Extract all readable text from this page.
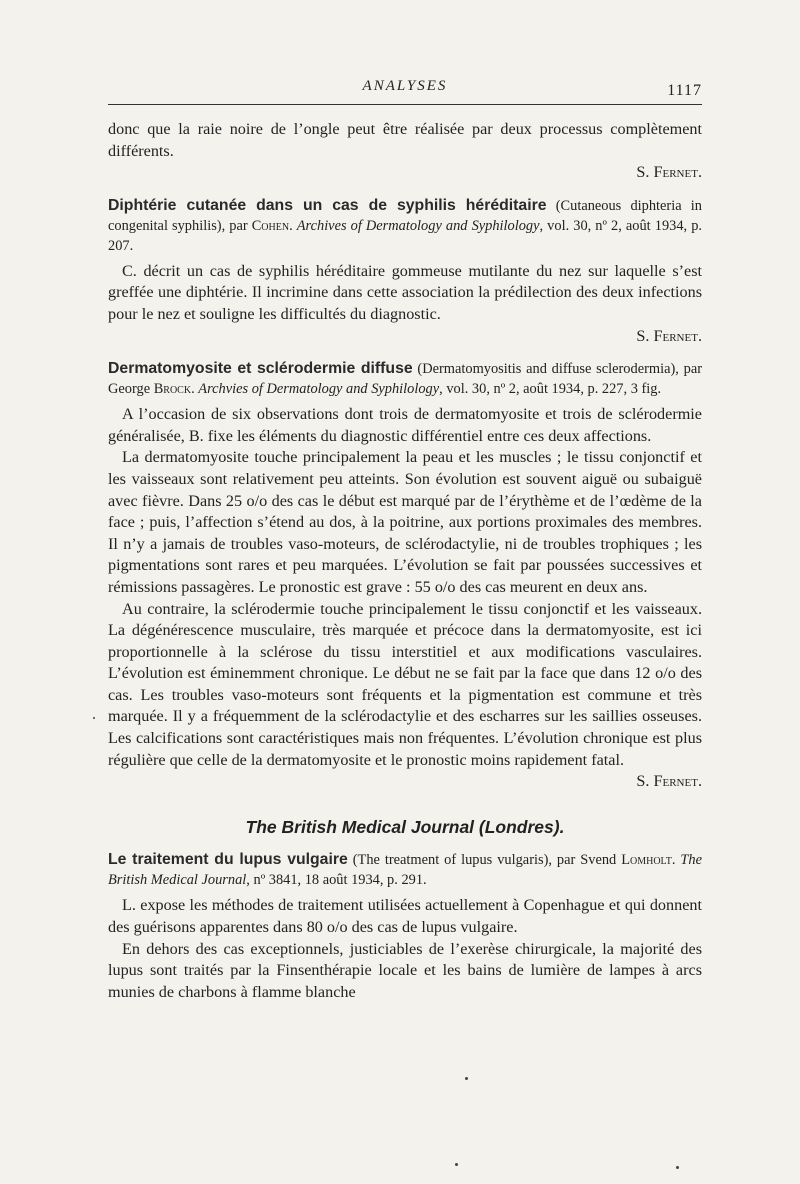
ANALYSES	1117

donc que la raie noire de l’ongle peut être réalisée par deux processus complètement différents.
S. Fernet.

Diphtérie cutanée dans un cas de syphilis héréditaire (Cutaneous diphteria in congenital syphilis), par Cohen. Archives of Dermatology and Syphilology, vol. 30, nº 2, août 1934, p. 207.

C. décrit un cas de syphilis héréditaire gommeuse mutilante du nez sur laquelle s’est greffée une diphtérie. Il incrimine dans cette association la prédilection des deux infections pour le nez et souligne les difficultés du diagnostic.
S. Fernet.

Dermatomyosite et sclérodermie diffuse (Dermatomyositis and diffuse sclerodermia), par George Brock. Archvies of Dermatology and Syphilology, vol. 30, nº 2, août 1934, p. 227, 3 fig.

A l’occasion de six observations dont trois de dermatomyosite et trois de sclérodermie généralisée, B. fixe les éléments du diagnostic différentiel entre ces deux affections.

La dermatomyosite touche principalement la peau et les muscles ; le tissu conjonctif et les vaisseaux sont relativement peu atteints. Son évolution est souvent aiguë ou subaiguë avec fièvre. Dans 25 o/o des cas le début est marqué par de l’érythème et de l’œdème de la face ; puis, l’affection s’étend au dos, à la poitrine, aux portions proximales des membres. Il n’y a jamais de troubles vaso-moteurs, de sclérodactylie, ni de troubles trophiques ; les pigmentations sont rares et peu marquées. L’évolution se fait par poussées successives et rémissions passagères. Le pronostic est grave : 55 o/o des cas meurent en deux ans.

Au contraire, la sclérodermie touche principalement le tissu conjonctif et les vaisseaux. La dégénérescence musculaire, très marquée et précoce dans la dermatomyosite, est ici proportionnelle à la sclérose du tissu interstitiel et aux modifications vasculaires. L’évolution est éminemment chronique. Le début ne se fait par la face que dans 12 o/o des cas. Les troubles vaso-moteurs sont fréquents et la pigmentation est commune et très marquée. Il y a fréquemment de la sclérodactylie et des escharres sur les saillies osseuses. Les calcifications sont caractéristiques mais non fréquentes. L’évolution chronique est plus régulière que celle de la dermatomyosite et le pronostic moins rapidement fatal.
S. Fernet.

The British Medical Journal (Londres).

Le traitement du lupus vulgaire (The treatment of lupus vulgaris), par Svend Lomholt. The British Medical Journal, nº 3841, 18 août 1934, p. 291.

L. expose les méthodes de traitement utilisées actuellement à Copenhague et qui donnent des guérisons apparentes dans 80 o/o des cas de lupus vulgaire.

En dehors des cas exceptionnels, justiciables de l’exerèse chirurgicale, la majorité des lupus sont traités par la Finsenthérapie locale et les bains de lumière de lampes à arcs munies de charbons à flamme blanche
